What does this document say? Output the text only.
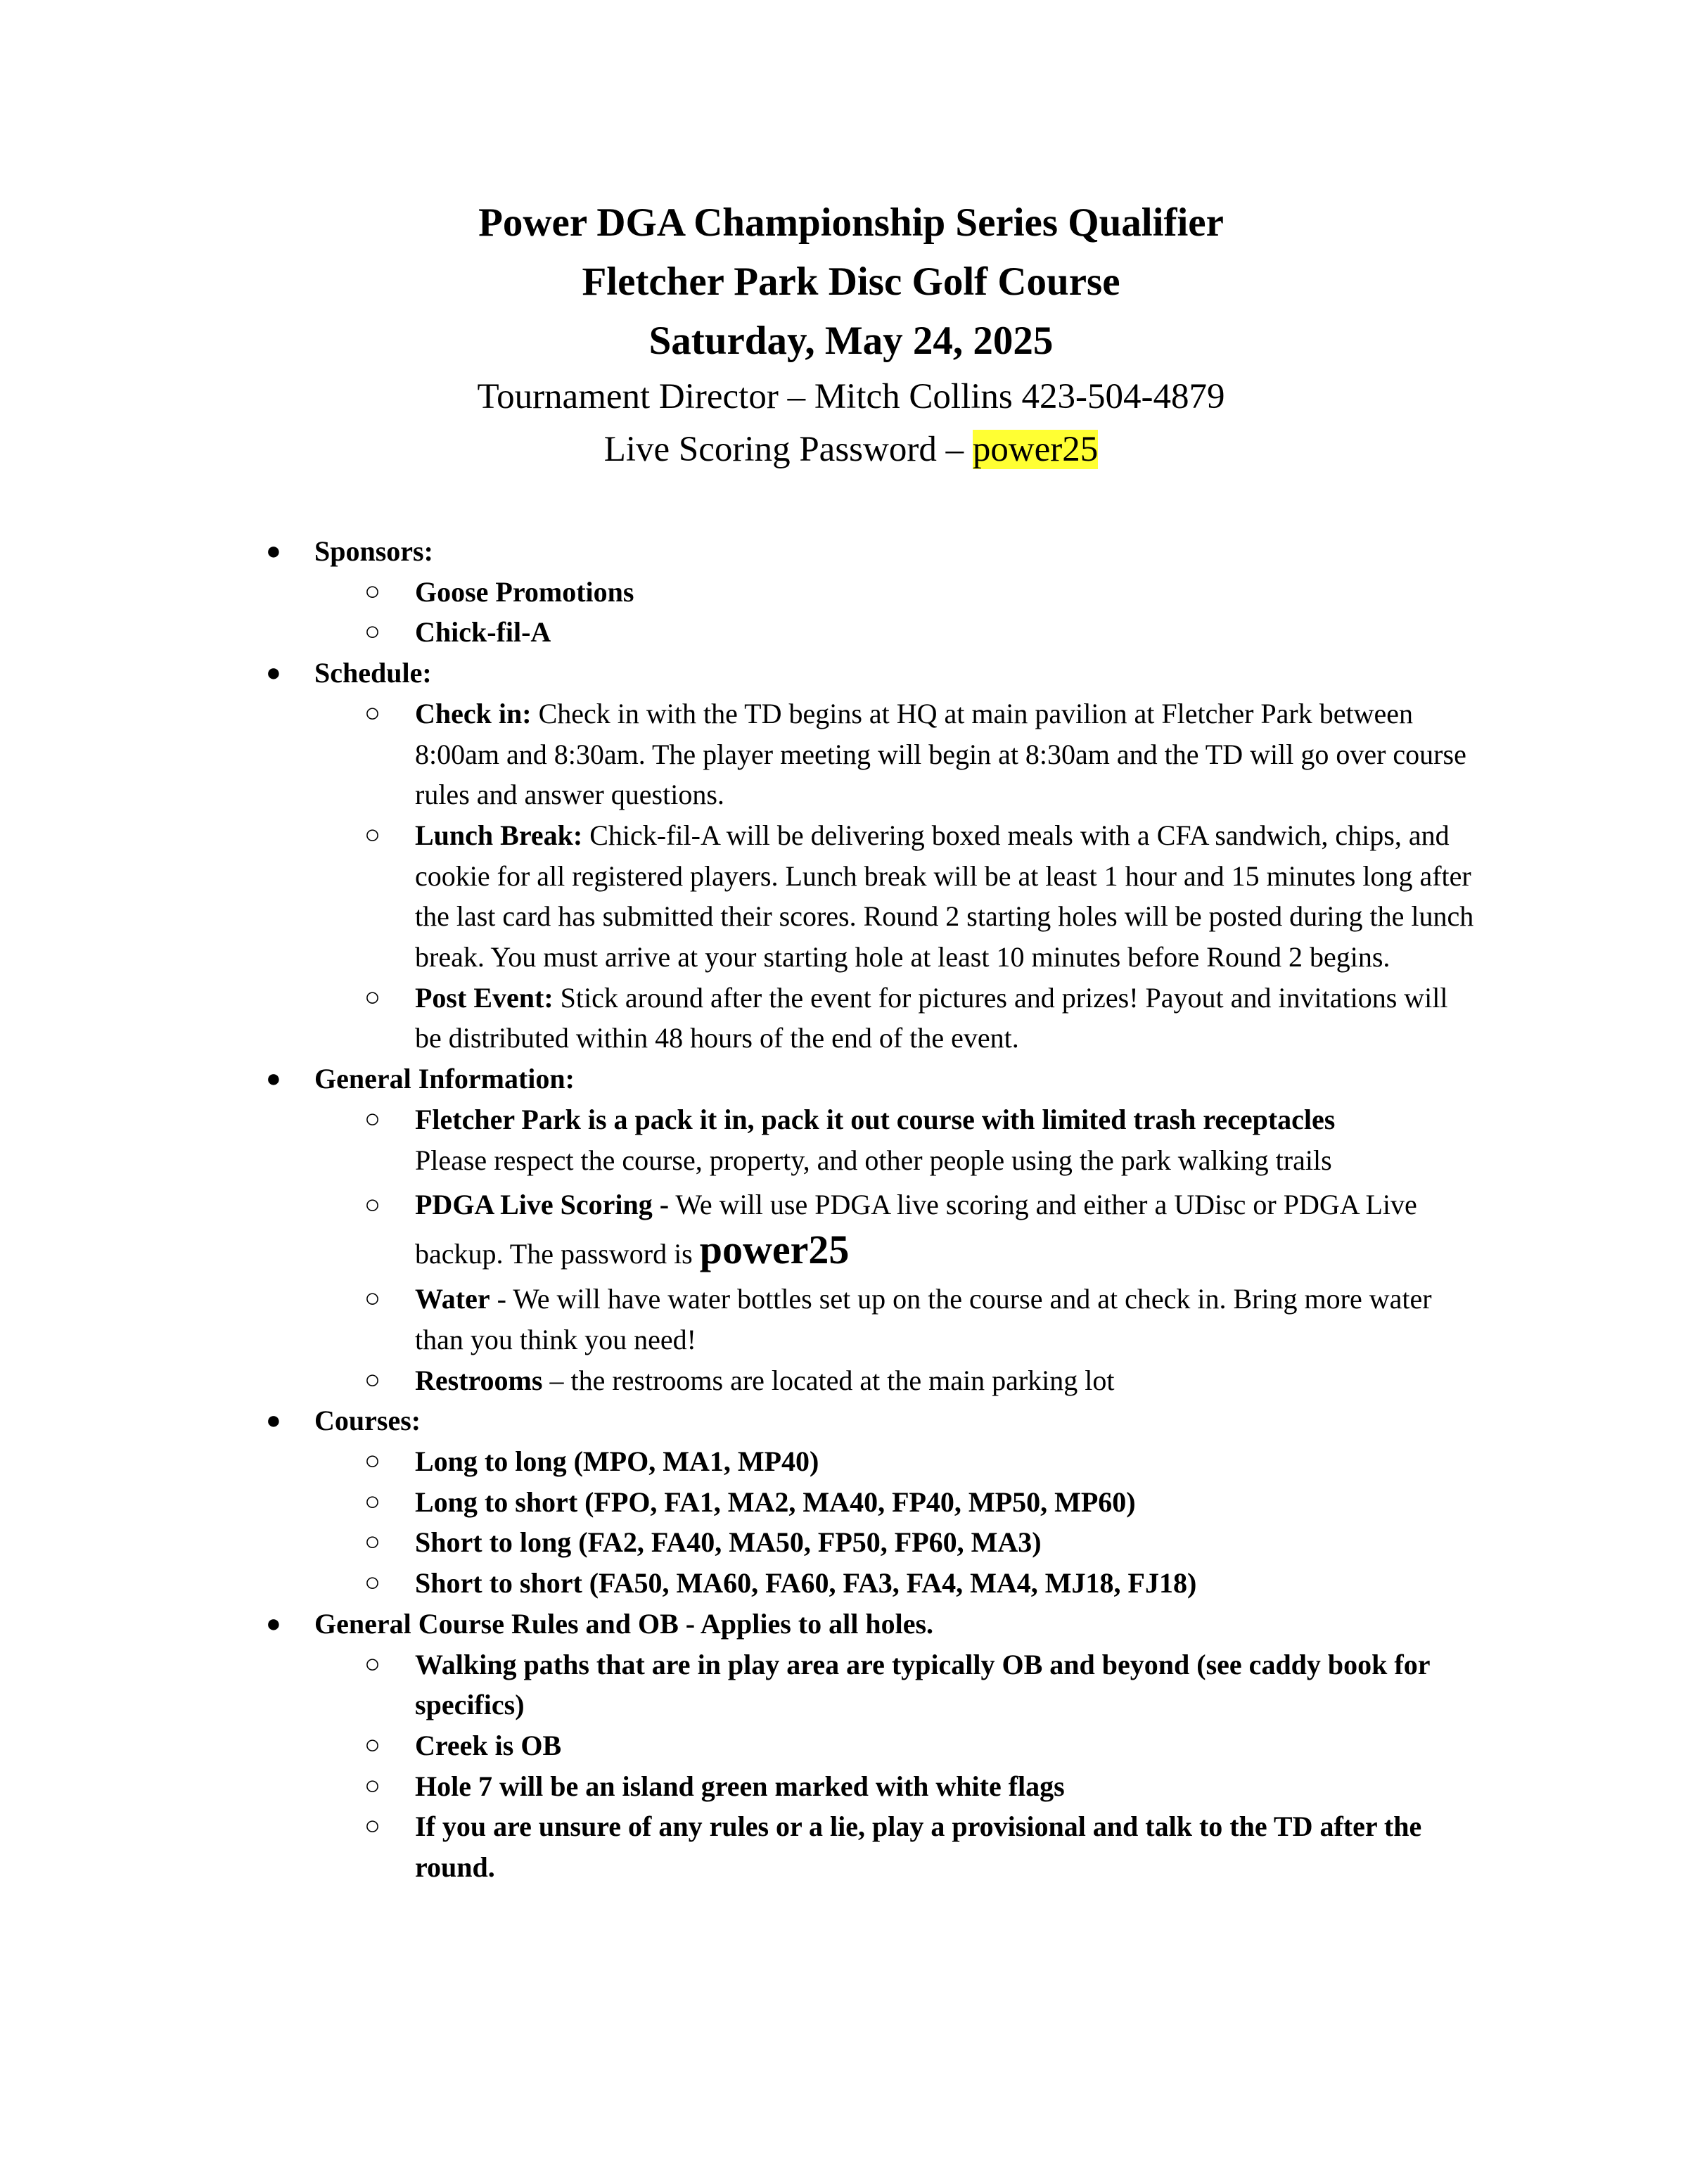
Power DGA Championship Series Qualifier
Fletcher Park Disc Golf Course
Saturday, May 24, 2025
Tournament Director – Mitch Collins 423-504-4879
Live Scoring Password – power25
●	Sponsors:
○	Goose Promotions
○	Chick-fil-A
●	Schedule:
○	Check in: Check in with the TD begins at HQ at main pavilion at Fletcher Park between 8:00am and 8:30am. The player meeting will begin at 8:30am and the TD will go over course rules and answer questions.
○	Lunch Break: Chick-fil-A will be delivering boxed meals with a CFA sandwich, chips, and cookie for all registered players. Lunch break will be at least 1 hour and 15 minutes long after the last card has submitted their scores. Round 2 starting holes will be posted during the lunch break. You must arrive at your starting hole at least 10 minutes before Round 2 begins.
○	Post Event: Stick around after the event for pictures and prizes! Payout and invitations will be distributed within 48 hours of the end of the event.
●	General Information:
○	Fletcher Park is a pack it in, pack it out course with limited trash receptacles
Please respect the course, property, and other people using the park walking trails
○	PDGA Live Scoring - We will use PDGA live scoring and either a UDisc or PDGA Live backup. The password is power25
○	Water - We will have water bottles set up on the course and at check in. Bring more water than you think you need!
○	Restrooms – the restrooms are located at the main parking lot
●	Courses:
○	Long to long (MPO, MA1, MP40)
○	Long to short (FPO, FA1, MA2, MA40, FP40, MP50, MP60)
○	Short to long (FA2, FA40, MA50, FP50, FP60, MA3)
○	Short to short (FA50, MA60, FA60, FA3, FA4, MA4, MJ18, FJ18)
●	General Course Rules and OB - Applies to all holes.
○	Walking paths that are in play area are typically OB and beyond (see caddy book for specifics)
○	Creek is OB
○	Hole 7 will be an island green marked with white flags
○	If you are unsure of any rules or a lie, play a provisional and talk to the TD after the round.
